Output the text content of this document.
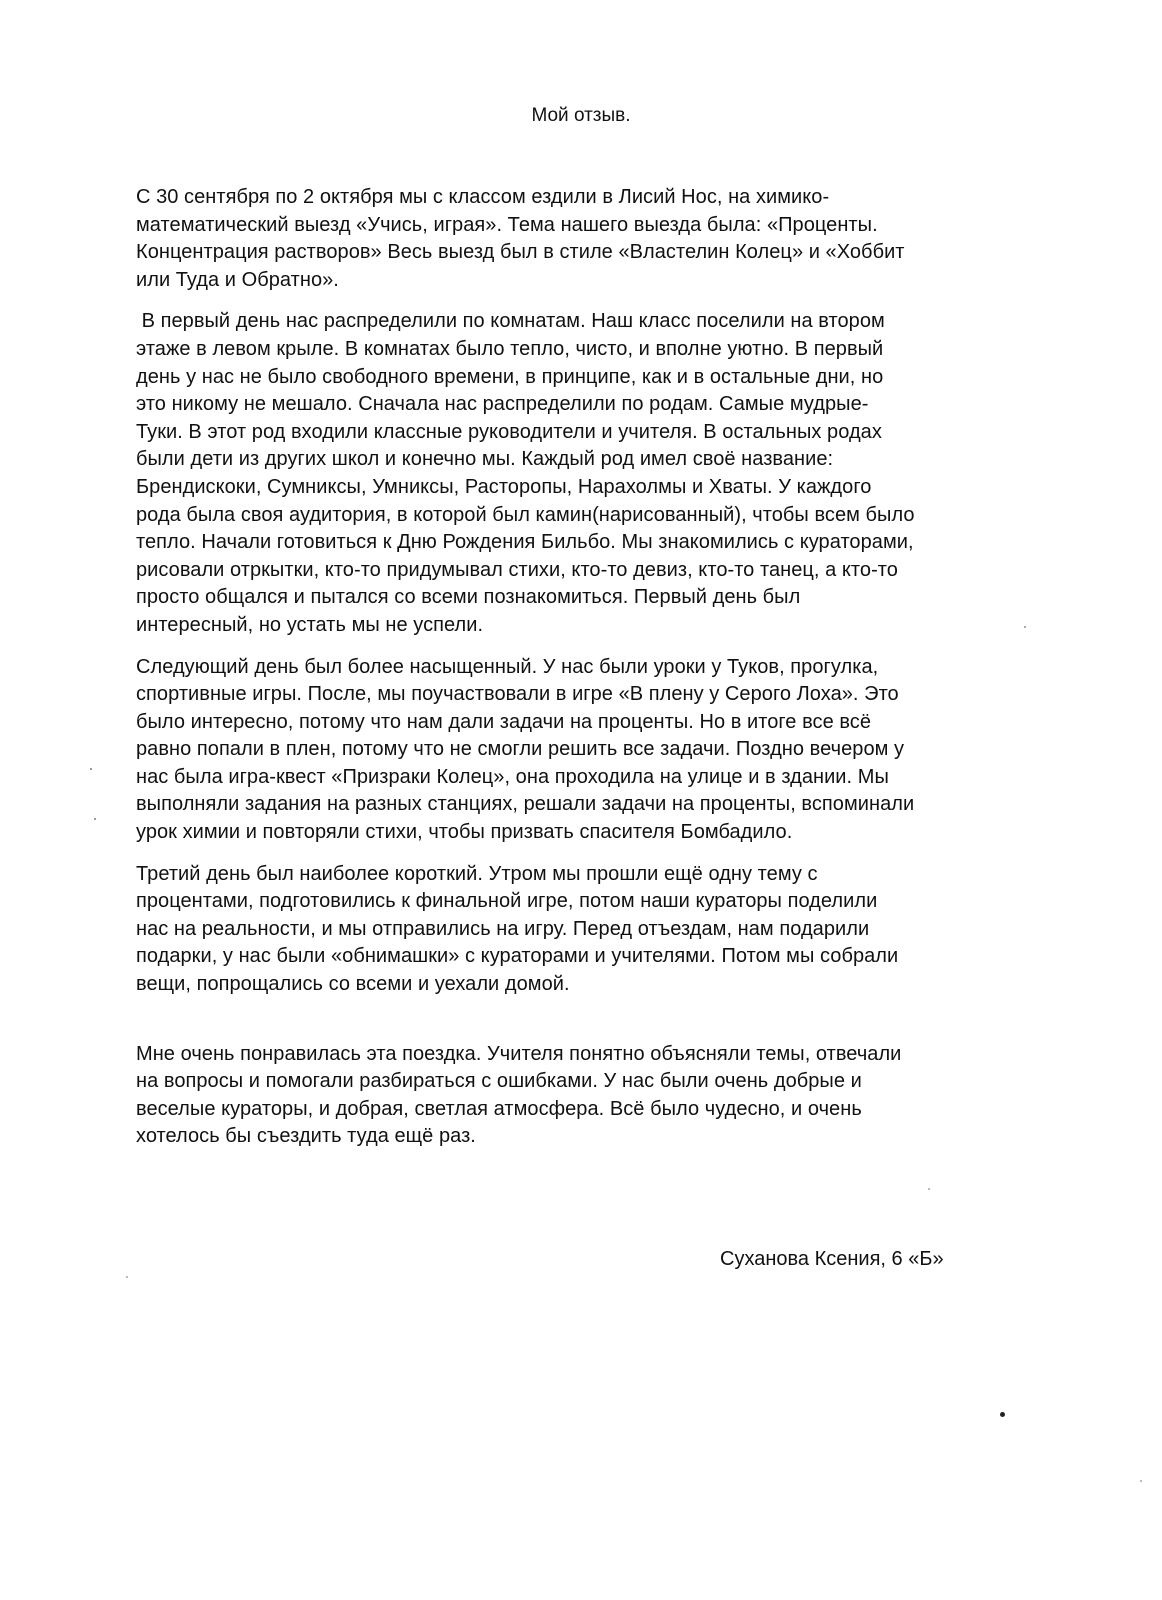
Мой отзыв.

С 30 сентября по 2 октября мы с классом ездили в Лисий Нос, на химико-
математический выезд «Учись, играя». Тема нашего выезда была: «Проценты.
Концентрация растворов» Весь выезд был в стиле «Властелин Колец» и «Хоббит
или Туда и Обратно».

В первый день нас распределили по комнатам. Наш класс поселили на втором
этаже в левом крыле. В комнатах было тепло, чисто, и вполне уютно. В первый
день у нас не было свободного времени, в принципе, как и в остальные дни, но
это никому не мешало. Сначала нас распределили по родам. Самые мудрые-
Туки. В этот род входили классные руководители и учителя. В остальных родах
были дети из других школ и конечно мы. Каждый род имел своё название:
Брендискоки, Сумниксы, Умниксы, Расторопы, Нарахолмы и Хваты. У каждого
рода была своя аудитория, в которой был камин(нарисованный), чтобы всем было
тепло. Начали готовиться к Дню Рождения Бильбо. Мы знакомились с кураторами,
рисовали отркытки, кто-то придумывал стихи, кто-то девиз, кто-то танец, а кто-то
просто общался и пытался со всеми познакомиться. Первый день был
интересный, но устать мы не успели.

Следующий день был более насыщенный. У нас были уроки у Туков, прогулка,
спортивные игры. После, мы поучаствовали в игре «В плену у Серого Лоха». Это
было интересно, потому что нам дали задачи на проценты. Но в итоге все всё
равно попали в плен, потому что не смогли решить все задачи. Поздно вечером у
нас была игра-квест «Призраки Колец», она проходила на улице и в здании. Мы
выполняли задания на разных станциях, решали задачи на проценты, вспоминали
урок химии и повторяли стихи, чтобы призвать спасителя Бомбадило.

Третий день был наиболее короткий. Утром мы прошли ещё одну тему с
процентами, подготовились к финальной игре, потом наши кураторы поделили
нас на реальности, и мы отправились на игру. Перед отъездам, нам подарили
подарки, у нас были «обнимашки» с кураторами и учителями. Потом мы собрали
вещи, попрощались со всеми и уехали домой.

Мне очень понравилась эта поездка. Учителя понятно объясняли темы, отвечали
на вопросы и помогали разбираться с ошибками. У нас были очень добрые и
веселые кураторы, и добрая, светлая атмосфера. Всё было чудесно, и очень
хотелось бы съездить туда ещё раз.

Суханова Ксения, 6 «Б»
